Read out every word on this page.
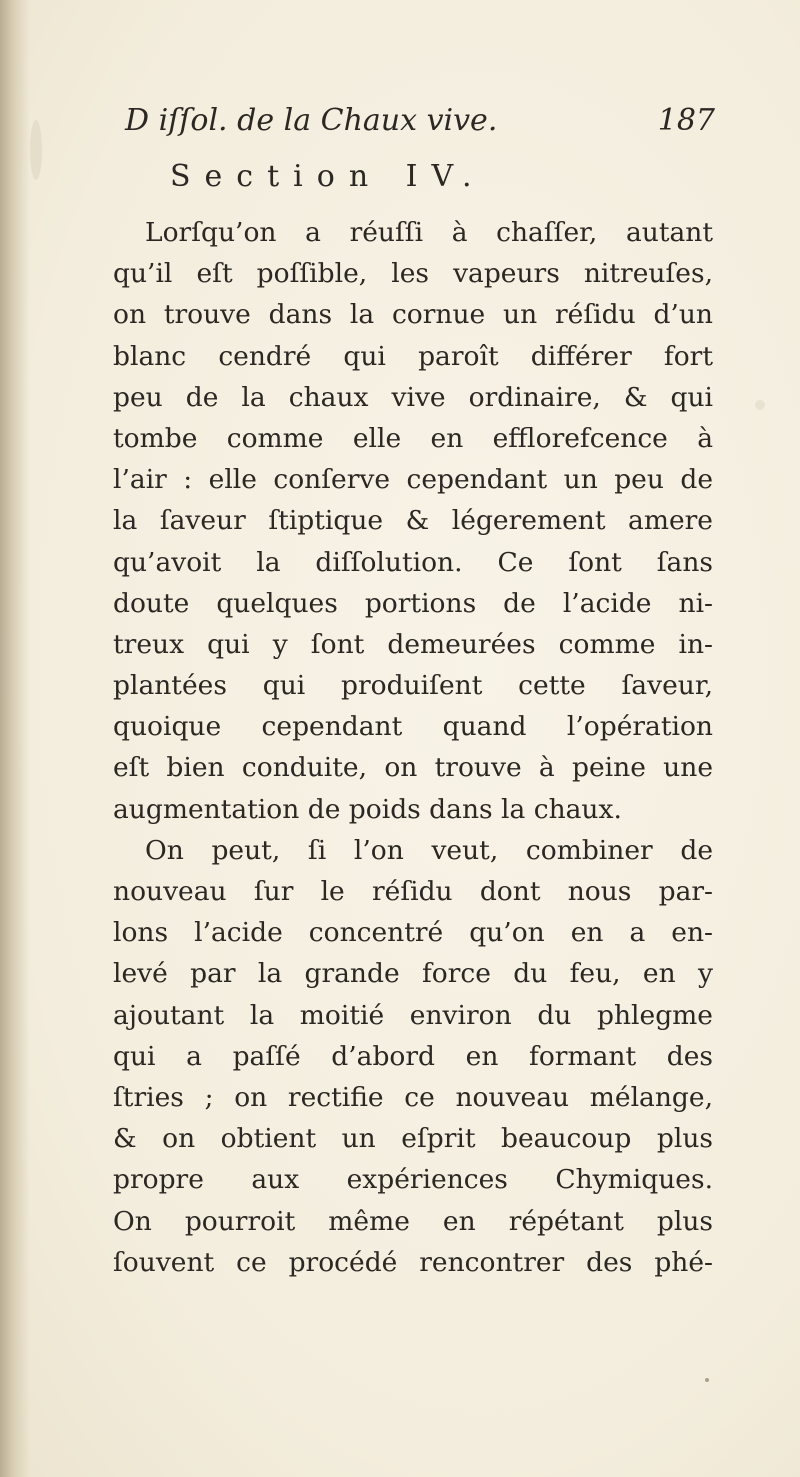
D iſſol. de la Chaux vive.	187
Section IV.
Lorſqu’on a réuſſi à chaſſer, autant
qu’il eſt poſſible, les vapeurs nitreuſes,
on trouve dans la cornue un réſidu d’un
blanc cendré qui paroît différer fort
peu de la chaux vive ordinaire, & qui
tombe comme elle en efflorefcence à
l’air : elle conſerve cependant un peu de
la ſaveur ſtiptique & légerement amere
qu’avoit la diſſolution. Ce ſont ſans
doute quelques portions de l’acide ni-
treux qui y ſont demeurées comme in-
plantées qui produiſent cette ſaveur,
quoique cependant quand l’opération
eſt bien conduite, on trouve à peine une
augmentation de poids dans la chaux.
On peut, ſi l’on veut, combiner de
nouveau ſur le réſidu dont nous par-
lons l’acide concentré qu’on en a en-
levé par la grande force du feu, en y
ajoutant la moitié environ du phlegme
qui a paſſé d’abord en formant des
ſtries ; on rectifie ce nouveau mélange,
& on obtient un eſprit beaucoup plus
propre aux expériences Chymiques.
On pourroit même en répétant plus
ſouvent ce procédé rencontrer des phé-
